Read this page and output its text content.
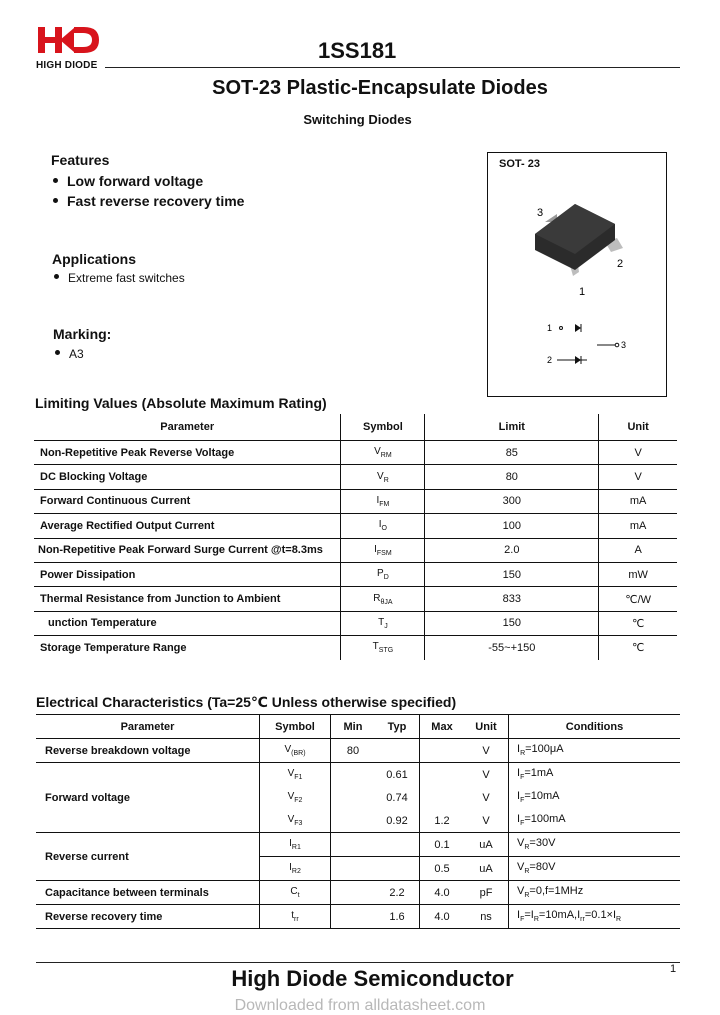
HIGH DIODE
1SS181
SOT-23 Plastic-Encapsulate Diodes
Switching Diodes
Features
Low forward voltage
Fast reverse recovery time
Applications
Extreme fast switches
Marking:
A3
SOT- 23
3
2
1
1
3
2
Limiting Values (Absolute Maximum Rating)
Parameter	Symbol	Limit	Unit
Non-Repetitive Peak Reverse Voltage	$V_{RM}$	85	V
DC Blocking Voltage	$V_R$	80	V
Forward Continuous Current	$I_{FM}$	300	mA
Average Rectified Output Current	$I_O$	100	mA
Non-Repetitive Peak Forward Surge Current @t=8.3ms	$I_{FSM}$	2.0	A
Power Dissipation	$P_D$	150	mW
Thermal Resistance from Junction to Ambient	$R_{\theta JA}$	833	℃/W
unction Temperature	$T_J$	150	℃
Storage Temperature Range	$T_{STG}$	-55~+150	℃
Electrical Characteristics (Ta=25℃ Unless otherwise specified)
Parameter	Symbol	Min	Typ	Max	Unit	Conditions
Reverse breakdown voltage	$V_{(BR)}$	80			V	$I_R=100\mu A$
Forward voltage	$V_{F1}$		0.61		V	$I_F=1mA$
	$V_{F2}$		0.74		V	$I_F=10mA$
	$V_{F3}$		0.92	1.2	V	$I_F=100mA$
Reverse current	$I_{R1}$			0.1	uA	$V_R=30V$
	$I_{R2}$			0.5	uA	$V_R=80V$
Capacitance between terminals	$C_t$		2.2	4.0	pF	$V_R=0,f=1MHz$
Reverse recovery time	$t_{rr}$		1.6	4.0	ns	$I_F=I_R=10mA,I_{rr}=0.1\times I_R$
1
High Diode Semiconductor
Downloaded from alldatasheet.com
